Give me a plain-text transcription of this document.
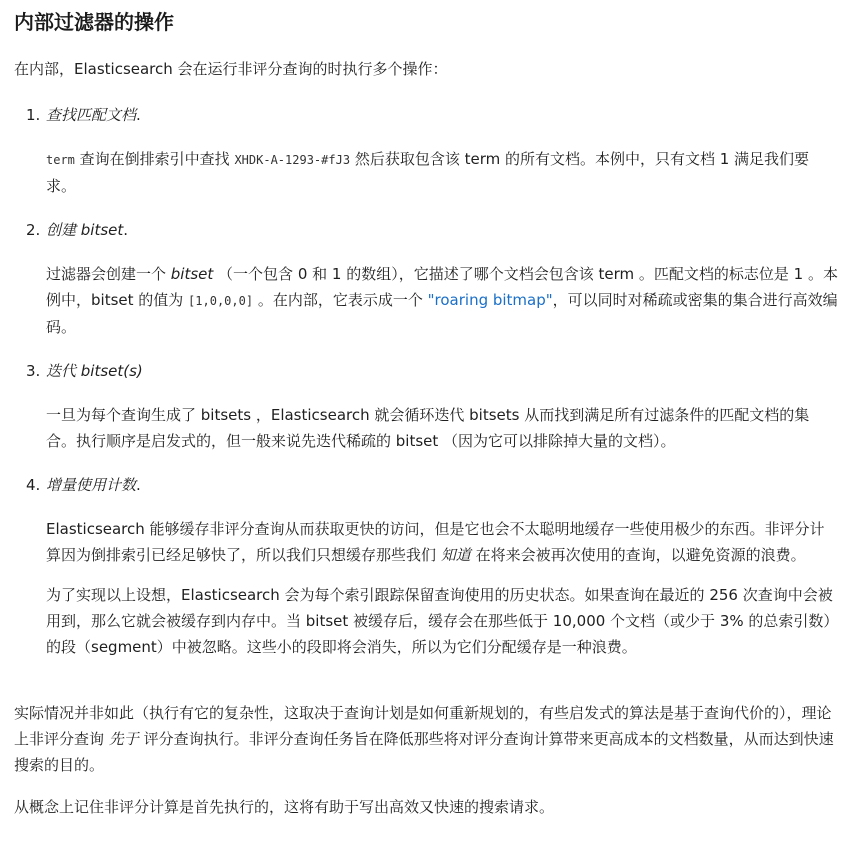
内部过滤器的操作

在内部，Elasticsearch 会在运行非评分查询的时执行多个操作：

1. 查找匹配文档.

term 查询在倒排索引中查找 XHDK-A-1293-#fJ3 然后获取包含该 term 的所有文档。本例中，只有文档 1 满足我们要求。

2. 创建 bitset.

过滤器会创建一个 bitset （一个包含 0 和 1 的数组），它描述了哪个文档会包含该 term 。匹配文档的标志位是 1 。本例中，bitset 的值为 [1,0,0,0] 。在内部，它表示成一个 "roaring bitmap"，可以同时对稀疏或密集的集合进行高效编码。

3. 迭代 bitset(s)

一旦为每个查询生成了 bitsets ，Elasticsearch 就会循环迭代 bitsets 从而找到满足所有过滤条件的匹配文档的集合。执行顺序是启发式的，但一般来说先迭代稀疏的 bitset （因为它可以排除掉大量的文档）。

4. 增量使用计数.

Elasticsearch 能够缓存非评分查询从而获取更快的访问，但是它也会不太聪明地缓存一些使用极少的东西。非评分计算因为倒排索引已经足够快了，所以我们只想缓存那些我们 知道 在将来会被再次使用的查询，以避免资源的浪费。

为了实现以上设想，Elasticsearch 会为每个索引跟踪保留查询使用的历史状态。如果查询在最近的 256 次查询中会被用到，那么它就会被缓存到内存中。当 bitset 被缓存后，缓存会在那些低于 10,000 个文档（或少于 3% 的总索引数）的段（segment）中被忽略。这些小的段即将会消失，所以为它们分配缓存是一种浪费。

实际情况并非如此（执行有它的复杂性，这取决于查询计划是如何重新规划的，有些启发式的算法是基于查询代价的），理论上非评分查询 先于 评分查询执行。非评分查询任务旨在降低那些将对评分查询计算带来更高成本的文档数量，从而达到快速搜索的目的。

从概念上记住非评分计算是首先执行的，这将有助于写出高效又快速的搜索请求。
